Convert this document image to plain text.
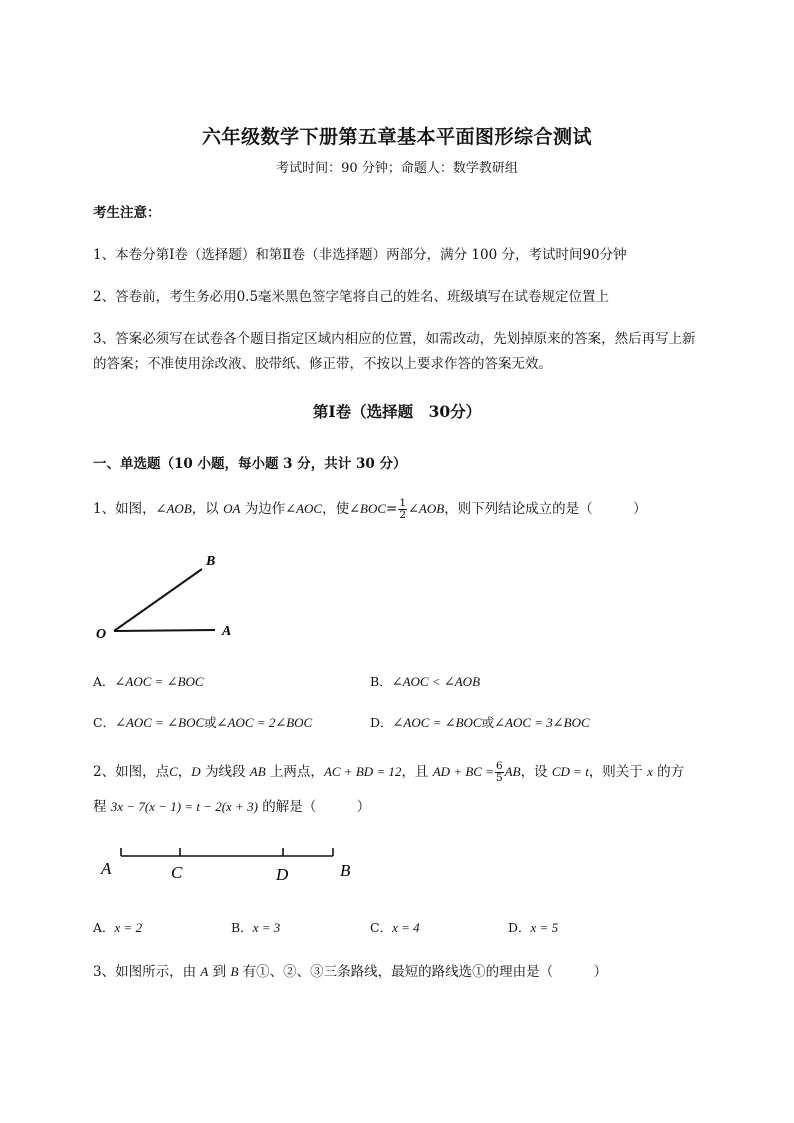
六年级数学下册第五章基本平面图形综合测试
考试时间：90 分钟；命题人：数学教研组
考生注意：
1、本卷分第Ⅰ卷（选择题）和第Ⅱ卷（非选择题）两部分，满分 100 分，考试时间90分钟
2、答卷前，考生务必用0.5毫米黑色签字笔将自己的姓名、班级填写在试卷规定位置上
3、答案必须写在试卷各个题目指定区域内相应的位置，如需改动，先划掉原来的答案，然后再写上新
的答案；不准使用涂改液、胶带纸、修正带，不按以上要求作答的答案无效。
第Ⅰ卷（选择题　30分）
一、单选题（10 小题，每小题 3 分，共计 30 分）
1、如图，∠AOB，以 OA 为边作∠AOC，使∠BOC= $\frac{1}{2}$ ∠AOB，则下列结论成立的是（　　　）
O	A
B
A．∠AOC = ∠BOC	B．∠AOC < ∠AOB
C．∠AOC = ∠BOC或∠AOC = 2∠BOC	D．∠AOC = ∠BOC或∠AOC = 3∠BOC
2、如图，点C，D 为线段 AB 上两点，AC + BD = 12，且 AD + BC = $\frac{6}{5}$ AB，设 CD = t，则关于 x 的方
程 3x − 7(x − 1) = t − 2(x + 3) 的解是（　　　）
A	C	D	B
A．x = 2	B．x = 3	C．x = 4	D．x = 5
3、如图所示，由 A 到 B 有①、②、③三条路线，最短的路线选①的理由是（　　　）
